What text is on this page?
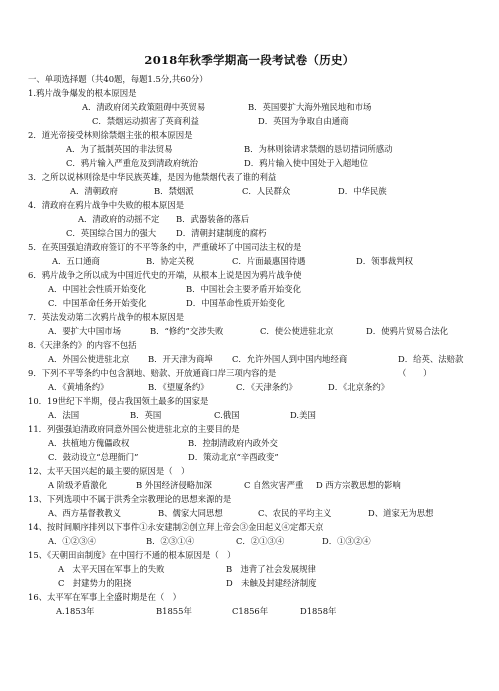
2018年秋季学期高一段考试卷（历史）
一、单项选择题（共40题，每题1.5分,共60分）
1.鸦片战争爆发的根本原因是
A．清政府闭关政策阻碍中英贸易	B．英国要扩大海外殖民地和市场
C．禁烟运动损害了英商利益	D．英国为争取自由通商
2．道光帝接受林则徐禁烟主张的根本原因是
A．为了抵制英国的非法贸易	B．为林则徐请求禁烟的恳切措词所感动
C．鸦片输入严重危及到清政府统治	D．鸦片输入使中国处于入超地位
3．之所以说林则徐是中华民族英雄，是因为他禁烟代表了谁的利益
A．清朝政府	B．禁烟派	C．人民群众	D．中华民族
4．清政府在鸦片战争中失败的根本原因是
A．清政府的动摇不定 B．武器装备的落后
C．英国综合国力的强大 D．清朝封建制度的腐朽
5．在英国强迫清政府签订的不平等条约中，严重破坏了中国司法主权的是
A．五口通商	B．协定关税	C．片面最惠国待遇	D．领事裁判权
6．鸦片战争之所以成为中国近代史的开端，从根本上说是因为鸦片战争使
A．中国社会性质开始变化	B．中国社会主要矛盾开始变化
C．中国革命任务开始变化	D．中国革命性质开始变化
7．英法发动第二次鸦片战争的根本原因是
A．要扩大中国市场	B．“修约”交涉失败	C．使公使进驻北京	D．使鸦片贸易合法化
8.《天津条约》的内容不包括
A．外国公使进驻北京 B．开天津为商埠 C．允许外国人到中国内地经商	D．给英、法赔款
9．下列不平等条约中包含割地、赔款、开放通商口岸三项内容的是	（　　）
A．《黄埔条约》	B．《望厦条约》	C．《天津条约》	D．《北京条约》
10．19世纪下半期，侵占我国领土最多的国家是
A．法国	B．英国	C.俄国	D.美国
11．列强强迫清政府同意外国公使进驻北京的主要目的是
A．扶植地方傀儡政权	B．控制清政府内政外交
C．鼓动设立“总理衙门”	D．策动北京“辛酉政变”
12、太平天国兴起的最主要的原因是（　）
A 阶级矛盾激化	B 外国经济侵略加深	C 自然灾害严重 D 西方宗教思想的影响
13、下列选项中不属于洪秀全宗教理论的思想来源的是
A、西方基督教教义	B、儒家大同思想	C、农民的平均主义	D、道家无为思想
14、按时间顺序排列以下事件①永安建制②创立拜上帝会③金田起义④定都天京
A．①②③④	B．②③①④	C．②①③④	D．①③②④
15、《天朝田亩制度》在中国行不通的根本原因是（　）
A　太平天国在军事上的失败	B　违背了社会发展规律
C　封建势力的阻挠	D　未触及封建经济制度
16、太平军在军事上全盛时期是在（　）
A.1853年	B1855年	C1856年	D1858年
